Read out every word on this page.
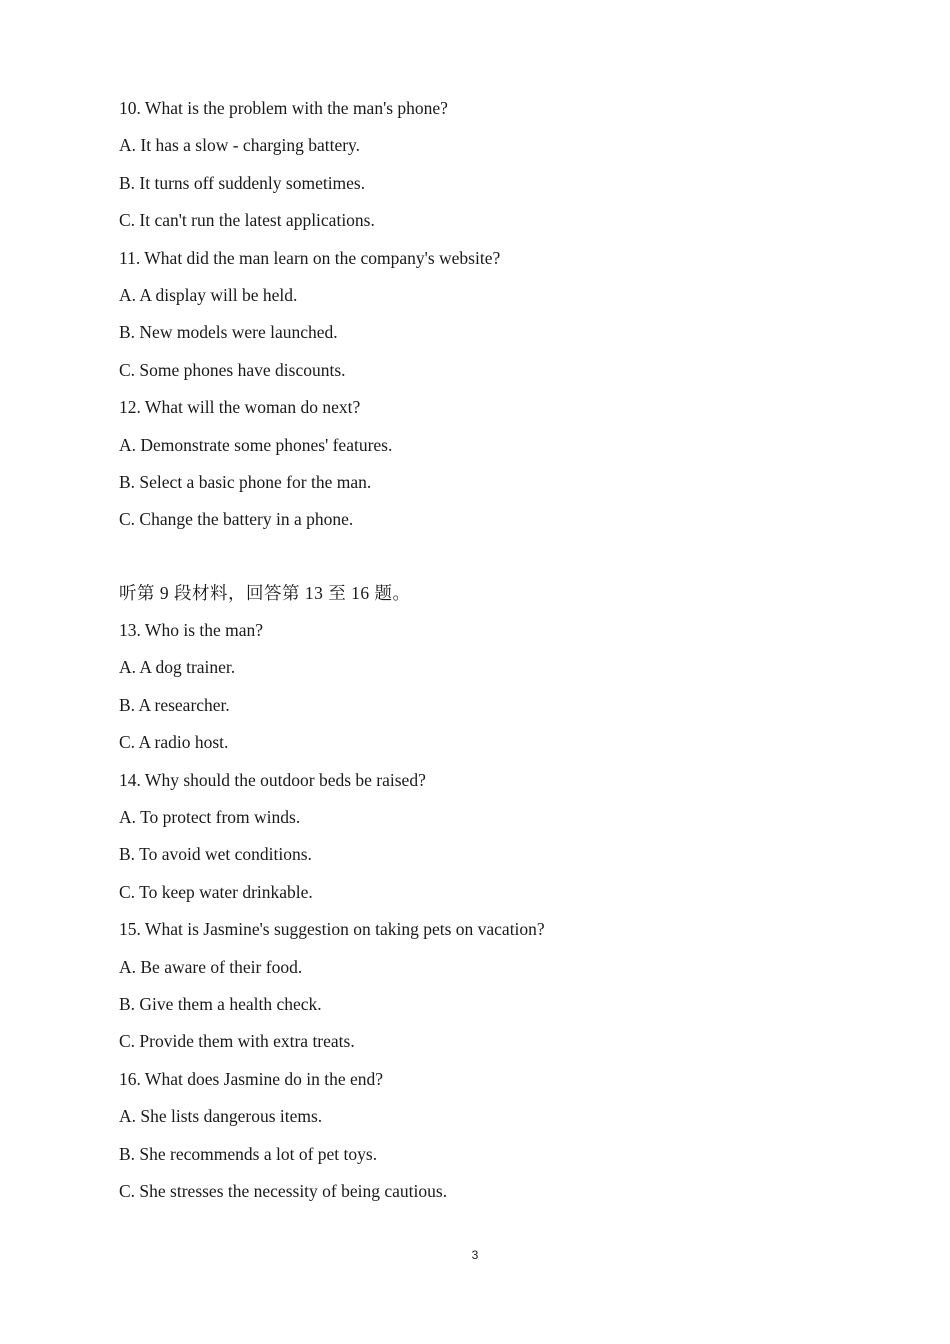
10. What is the problem with the man's phone?

A. It has a slow - charging battery.

B. It turns off suddenly sometimes.

C. It can't run the latest applications.

11. What did the man learn on the company's website?

A. A display will be held.

B. New models were launched.

C. Some phones have discounts.

12. What will the woman do next?

A. Demonstrate some phones' features.

B. Select a basic phone for the man.

C. Change the battery in a phone.

听第 9 段材料，回答第 13 至 16 题。

13. Who is the man?

A. A dog trainer.

B. A researcher.

C. A radio host.

14. Why should the outdoor beds be raised?

A. To protect from winds.

B. To avoid wet conditions.

C. To keep water drinkable.

15. What is Jasmine's suggestion on taking pets on vacation?

A. Be aware of their food.

B. Give them a health check.

C. Provide them with extra treats.

16. What does Jasmine do in the end?

A. She lists dangerous items.

B. She recommends a lot of pet toys.

C. She stresses the necessity of being cautious.

3
